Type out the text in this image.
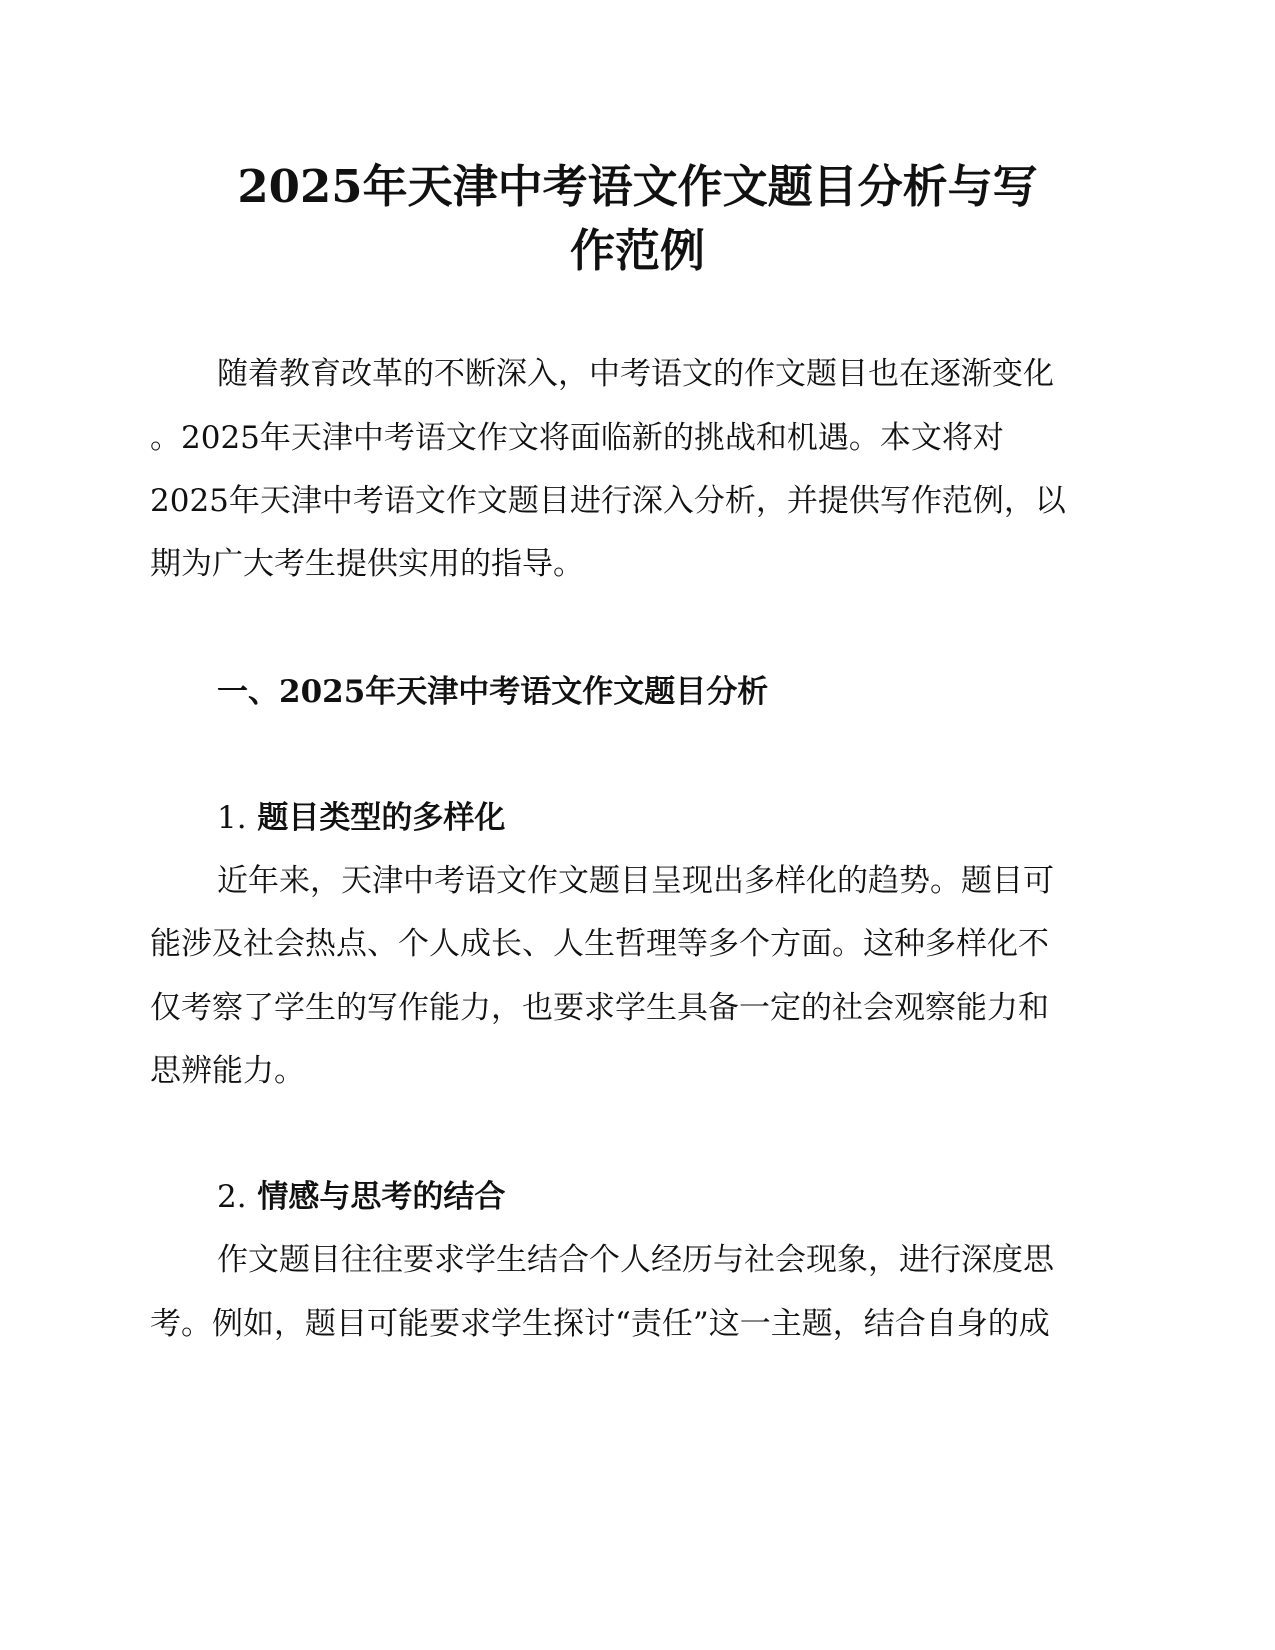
2025年天津中考语文作文题目分析与写
作范例

随着教育改革的不断深入，中考语文的作文题目也在逐渐变化

。2025年天津中考语文作文将面临新的挑战和机遇。本文将对

2025年天津中考语文作文题目进行深入分析，并提供写作范例，以

期为广大考生提供实用的指导。

一、2025年天津中考语文作文题目分析

1. 题目类型的多样化

近年来，天津中考语文作文题目呈现出多样化的趋势。题目可

能涉及社会热点、个人成长、人生哲理等多个方面。这种多样化不

仅考察了学生的写作能力，也要求学生具备一定的社会观察能力和

思辨能力。

2. 情感与思考的结合

作文题目往往要求学生结合个人经历与社会现象，进行深度思

考。例如，题目可能要求学生探讨“责任”这一主题，结合自身的成
